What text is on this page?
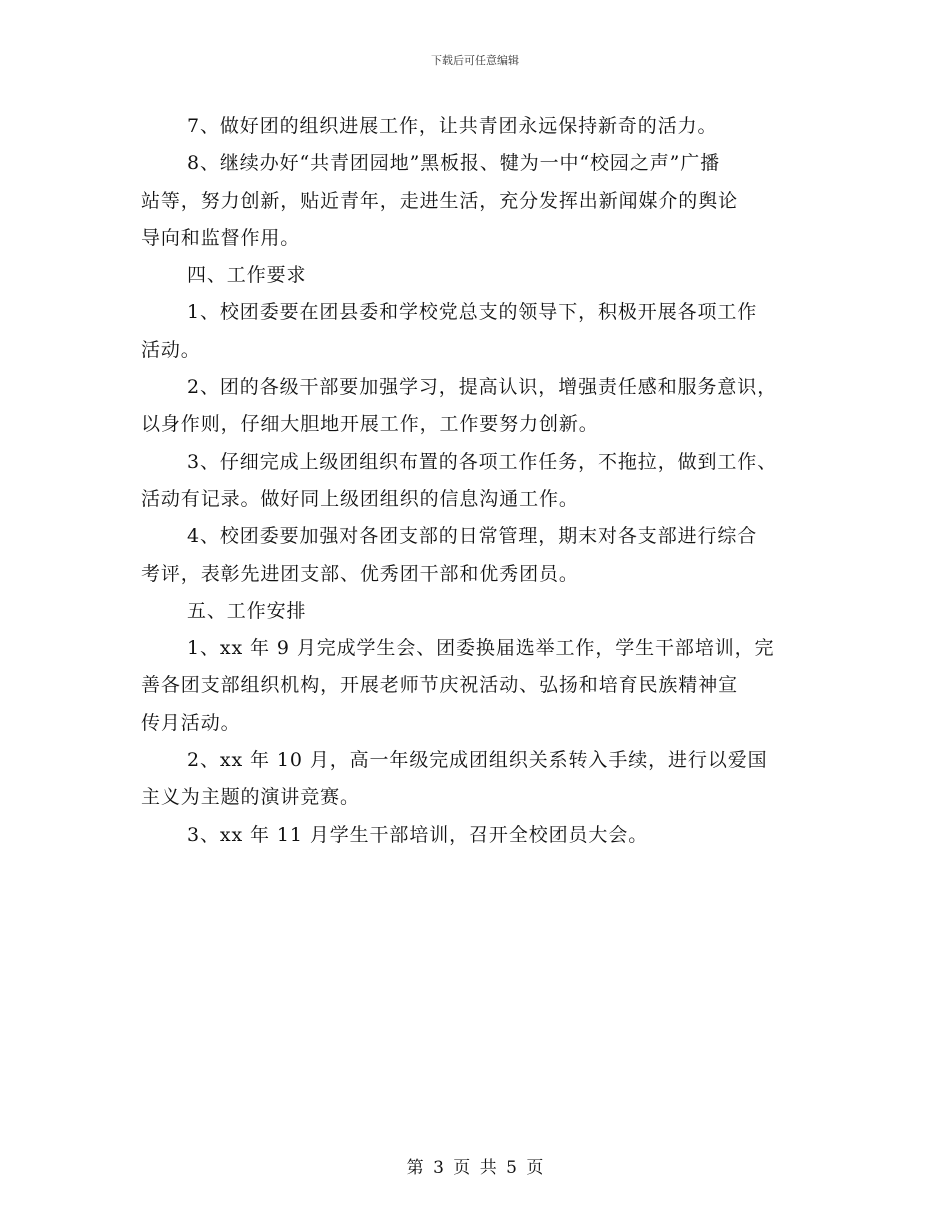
下载后可任意编辑
7、做好团的组织进展工作，让共青团永远保持新奇的活力。
8、继续办好“共青团园地”黑板报、犍为一中“校园之声”广播
站等，努力创新，贴近青年，走进生活，充分发挥出新闻媒介的舆论
导向和监督作用。
四、工作要求
1、校团委要在团县委和学校党总支的领导下，积极开展各项工作
活动。
2、团的各级干部要加强学习，提高认识，增强责任感和服务意识，
以身作则，仔细大胆地开展工作，工作要努力创新。
3、仔细完成上级团组织布置的各项工作任务，不拖拉，做到工作、
活动有记录。做好同上级团组织的信息沟通工作。
4、校团委要加强对各团支部的日常管理，期末对各支部进行综合
考评，表彰先进团支部、优秀团干部和优秀团员。
五、工作安排
1、xx 年 9 月完成学生会、团委换届选举工作，学生干部培训，完
善各团支部组织机构，开展老师节庆祝活动、弘扬和培育民族精神宣
传月活动。
2、xx 年 10 月，高一年级完成团组织关系转入手续，进行以爱国
主义为主题的演讲竞赛。
3、xx 年 11 月学生干部培训，召开全校团员大会。
第 3 页 共 5 页
